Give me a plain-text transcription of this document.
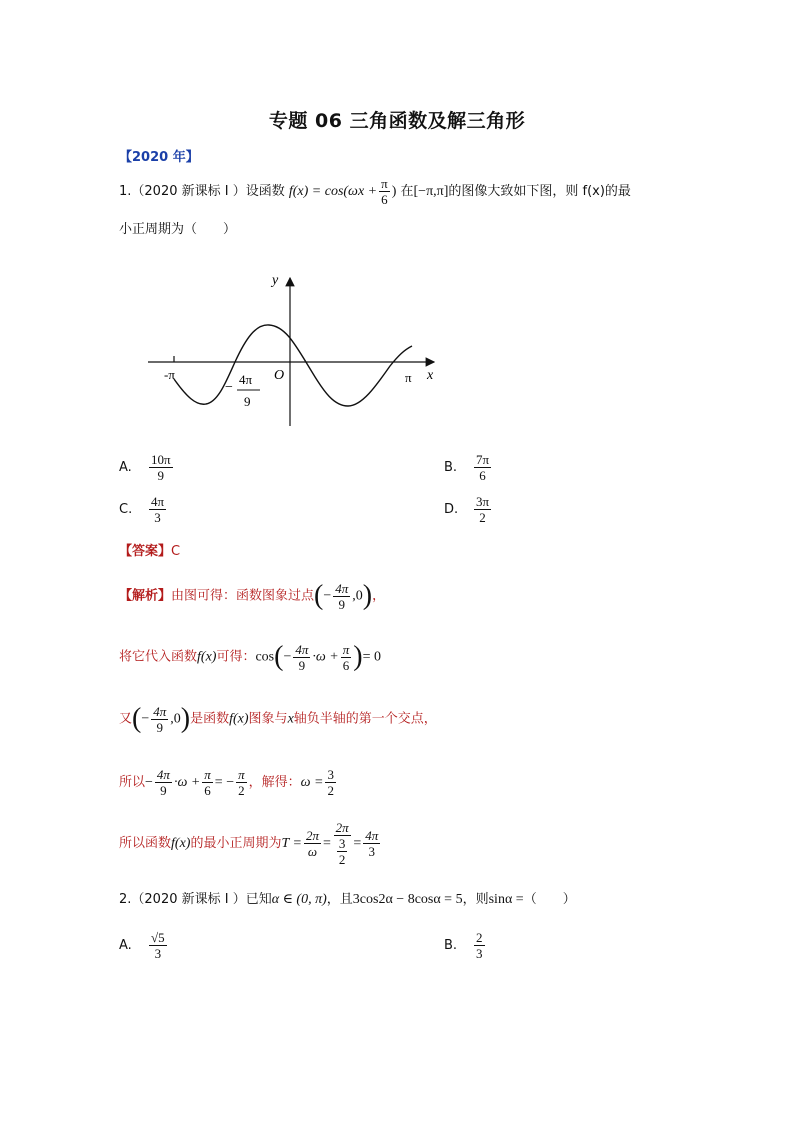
专题 06 三角函数及解三角形
【2020 年】
1.（2020 新课标 I ）设函数 $f(x) = \cos(\omega x + \frac{\pi}{6}$ ) 在[−π,π]的图像大致如下图，则 f(x)的最
小正周期为（　　）
y
x
O
-π	π
−
4π
9
A. $\frac{10\pi}{9}$	B. $\frac{7\pi}{6}$
C. $\frac{4\pi}{3}$	D. $\frac{3\pi}{2}$
【答案】C
【解析】由图可得：函数图象过点(− $\frac{4\pi}{9} ,0$)，
将它代入函数f(x)可得：$\cos(- \frac{4\pi}{9} \cdot\omega + \frac{\pi}{6}$ )= 0
又(− $\frac{4\pi}{9} ,0$)是函数f(x)图象与x轴负半轴的第一个交点，
所以− $\frac{4\pi}{9} \cdot\omega + \frac{\pi}{6}$ = − $\frac{\pi}{2}$ ，解得：$\omega = \frac{3}{2}$
所以函数f(x)的最小正周期为$T = \frac{2\pi}{\omega} = \frac{2\pi}{\frac{3}{2}} = \frac{4\pi}{3}$
2.（2020 新课标 I ）已知α ∈ (0, π)，且3cos2α − 8cosα = 5，则sinα =（　　）
A. $\frac{√5}{3}$	B. $\frac{2}{3}$
